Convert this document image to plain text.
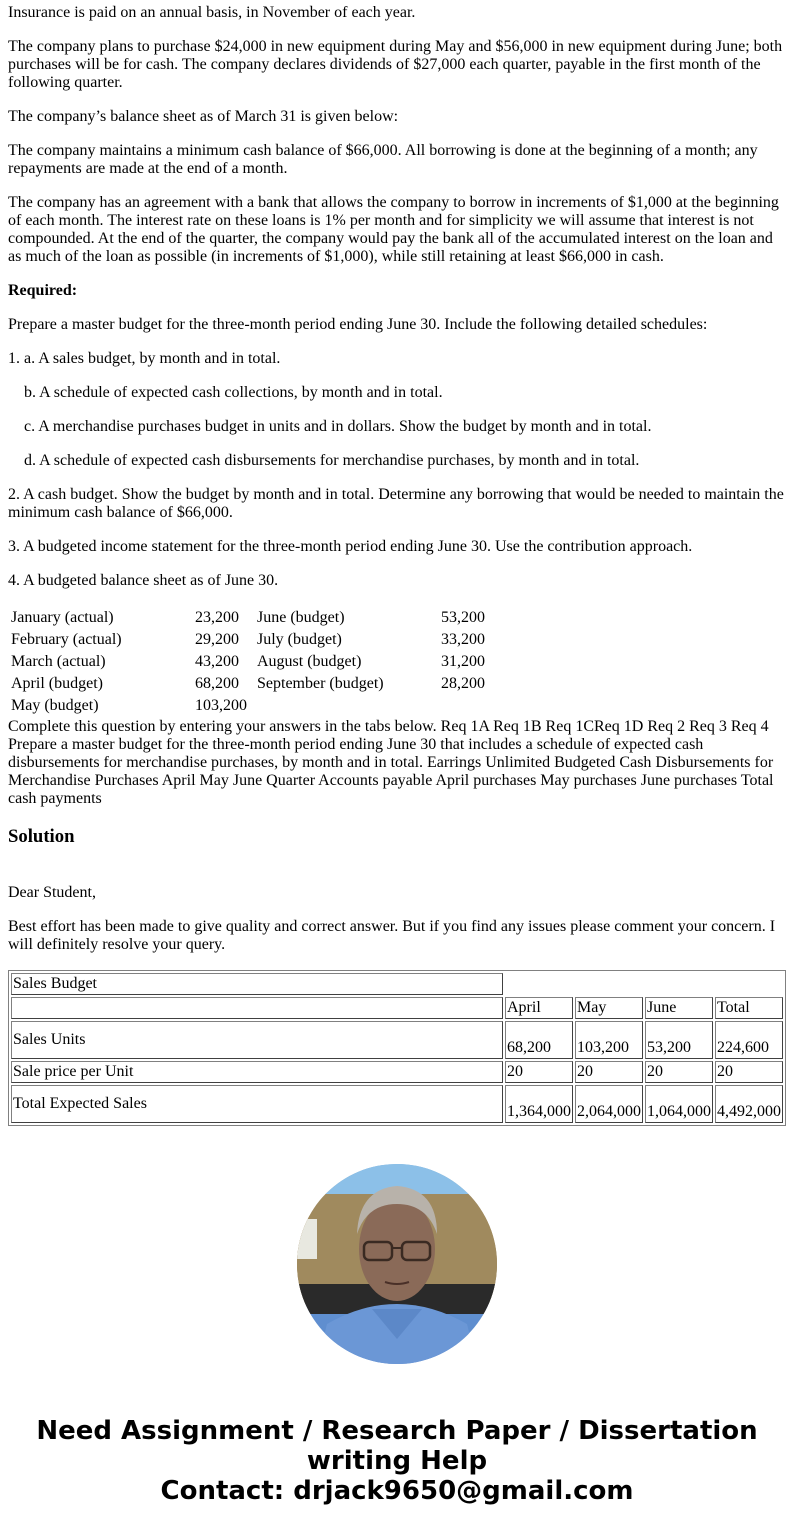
Insurance is paid on an annual basis, in November of each year.

The company plans to purchase $24,000 in new equipment during May and $56,000 in new equipment during June; both purchases will be for cash. The company declares dividends of $27,000 each quarter, payable in the first month of the following quarter.

The company’s balance sheet as of March 31 is given below:

The company maintains a minimum cash balance of $66,000. All borrowing is done at the beginning of a month; any repayments are made at the end of a month.

The company has an agreement with a bank that allows the company to borrow in increments of $1,000 at the beginning of each month. The interest rate on these loans is 1% per month and for simplicity we will assume that interest is not compounded. At the end of the quarter, the company would pay the bank all of the accumulated interest on the loan and as much of the loan as possible (in increments of $1,000), while still retaining at least $66,000 in cash.

Required:

Prepare a master budget for the three-month period ending June 30. Include the following detailed schedules:

1. a. A sales budget, by month and in total.

b. A schedule of expected cash collections, by month and in total.

c. A merchandise purchases budget in units and in dollars. Show the budget by month and in total.

d. A schedule of expected cash disbursements for merchandise purchases, by month and in total.

2. A cash budget. Show the budget by month and in total. Determine any borrowing that would be needed to maintain the minimum cash balance of $66,000.

3. A budgeted income statement for the three-month period ending June 30. Use the contribution approach.

4. A budgeted balance sheet as of June 30.

January (actual)	23,200	June (budget)	53,200
February (actual)	29,200	July (budget)	33,200
March (actual)	43,200	August (budget)	31,200
April (budget)	68,200	September (budget)	28,200
May (budget)	103,200		

Complete this question by entering your answers in the tabs below. Req 1A Req 1B Req 1CReq 1D Req 2 Req 3 Req 4 Prepare a master budget for the three-month period ending June 30 that includes a schedule of expected cash disbursements for merchandise purchases, by month and in total. Earrings Unlimited Budgeted Cash Disbursements for Merchandise Purchases April May June Quarter Accounts payable April purchases May purchases June purchases Total cash payments

Solution

Dear Student,

Best effort has been made to give quality and correct answer. But if you find any issues please comment your concern. I will definitely resolve your query.

Sales Budget				
	April	May	June	Total
Sales Units	68,200	103,200	53,200	224,600
Sale price per Unit	20	20	20	20
Total Expected Sales	1,364,000	2,064,000	1,064,000	4,492,000
Need Assignment / Research Paper / Dissertation writing Help
Contact: drjack9650@gmail.com
